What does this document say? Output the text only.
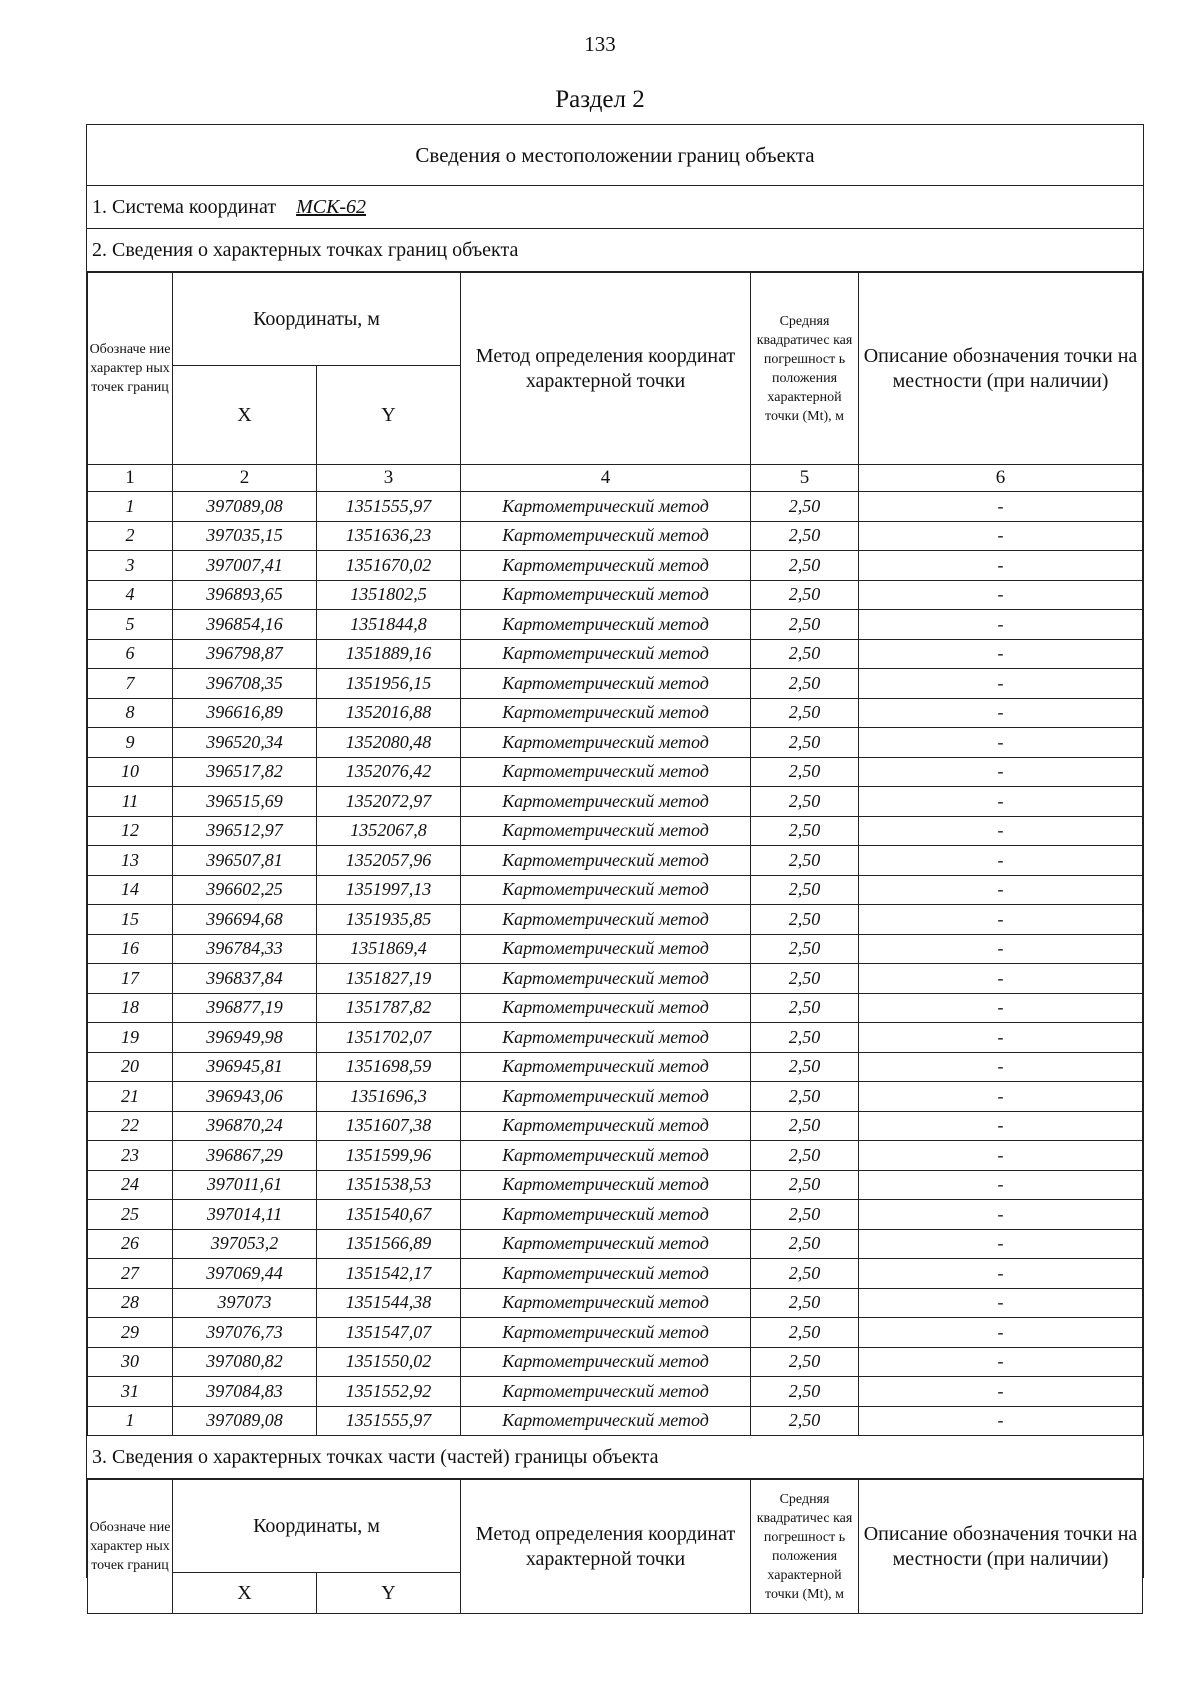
133
Раздел 2
Сведения о местоположении границ объекта
1. Система координат МСК-62
2. Сведения о характерных точках границ объекта
Обозначе ние характер ных точек границ	Координаты, м		Метод определения координат характерной точки	Средняя квадратичес кая погрешност ь положения характерной точки (Mt), м	Описание обозначения точки на местности (при наличии)
	X	Y			
1	2	3	4	5	6
1	397089,08	1351555,97	Картометрический метод	2,50	-
2	397035,15	1351636,23	Картометрический метод	2,50	-
3	397007,41	1351670,02	Картометрический метод	2,50	-
4	396893,65	1351802,5	Картометрический метод	2,50	-
5	396854,16	1351844,8	Картометрический метод	2,50	-
6	396798,87	1351889,16	Картометрический метод	2,50	-
7	396708,35	1351956,15	Картометрический метод	2,50	-
8	396616,89	1352016,88	Картометрический метод	2,50	-
9	396520,34	1352080,48	Картометрический метод	2,50	-
10	396517,82	1352076,42	Картометрический метод	2,50	-
11	396515,69	1352072,97	Картометрический метод	2,50	-
12	396512,97	1352067,8	Картометрический метод	2,50	-
13	396507,81	1352057,96	Картометрический метод	2,50	-
14	396602,25	1351997,13	Картометрический метод	2,50	-
15	396694,68	1351935,85	Картометрический метод	2,50	-
16	396784,33	1351869,4	Картометрический метод	2,50	-
17	396837,84	1351827,19	Картометрический метод	2,50	-
18	396877,19	1351787,82	Картометрический метод	2,50	-
19	396949,98	1351702,07	Картометрический метод	2,50	-
20	396945,81	1351698,59	Картометрический метод	2,50	-
21	396943,06	1351696,3	Картометрический метод	2,50	-
22	396870,24	1351607,38	Картометрический метод	2,50	-
23	396867,29	1351599,96	Картометрический метод	2,50	-
24	397011,61	1351538,53	Картометрический метод	2,50	-
25	397014,11	1351540,67	Картометрический метод	2,50	-
26	397053,2	1351566,89	Картометрический метод	2,50	-
27	397069,44	1351542,17	Картометрический метод	2,50	-
28	397073	1351544,38	Картометрический метод	2,50	-
29	397076,73	1351547,07	Картометрический метод	2,50	-
30	397080,82	1351550,02	Картометрический метод	2,50	-
31	397084,83	1351552,92	Картометрический метод	2,50	-
1	397089,08	1351555,97	Картометрический метод	2,50	-
3. Сведения о характерных точках части (частей) границы объекта
Обозначе ние характер ных точек границ	Координаты, м		Метод определения координат характерной точки	Средняя квадратичес кая погрешност ь положения характерной точки (Mt), м	Описание обозначения точки на местности (при наличии)
	X	Y			
